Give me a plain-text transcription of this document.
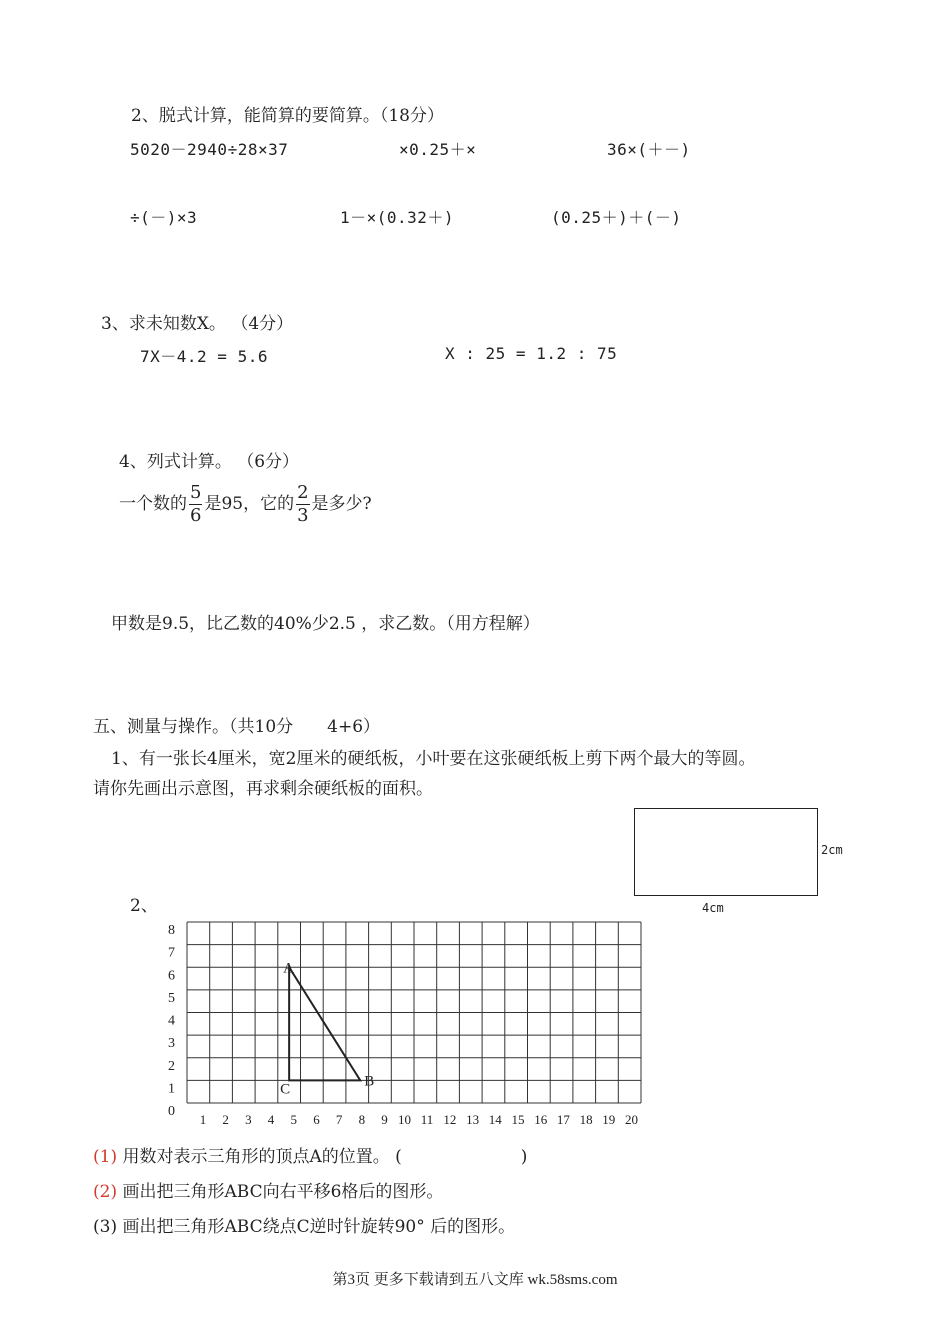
2、脱式计算，能简算的要简算。（18分）
5020－2940÷28×37	×0.25＋×	36×(＋－)
÷(－)×3	1－×(0.32＋)	(0.25＋)＋(－)
3、求未知数X。 （4分）
7X－4.2 = 5.6	X : 25 = 1.2 : 75
4、列式计算。 （6分）
一个数的 $\frac{5}{6}$ 是95，它的 $\frac{2}{3}$ 是多少?
甲数是9.5，比乙数的40%少2.5 ，求乙数。（用方程解）
五、测量与操作。（共10分　　4+6）
1、有一张长4厘米，宽2厘米的硬纸板，小叶要在这张硬纸板上剪下两个最大的等圆。
请你先画出示意图，再求剩余硬纸板的面积。
2cm
4cm
2、
8
7
6
5
4
3
2
1
0
1 2 3 4 5 6 7 8 9 10 11 12 13 14 15 16 17 18 19 20
A
B
C
(1) 用数对表示三角形的顶点A的位置。 (　　　　　　　)
(2) 画出把三角形ABC向右平移6格后的图形。
(3) 画出把三角形ABC绕点C逆时针旋转90° 后的图形。
第3页 更多下载请到五八文库 wk.58sms.com
